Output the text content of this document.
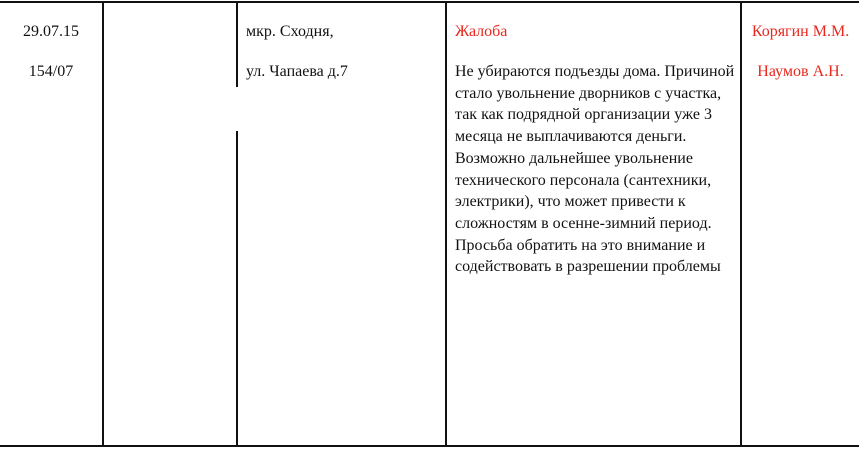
29.07.15
154/07
мкр. Сходня,
ул. Чапаева д.7
Жалоба
Не убираются подъезды дома. Причиной стало увольнение дворников с участка, так как подрядной организации уже 3 месяца не выплачиваются деньги. Возможно дальнейшее увольнение технического персонала (сантехники, электрики), что может привести к сложностям в осенне-зимний период. Просьба обратить на это внимание и содействовать в разрешении проблемы
Корягин М.М.
Наумов А.Н.
